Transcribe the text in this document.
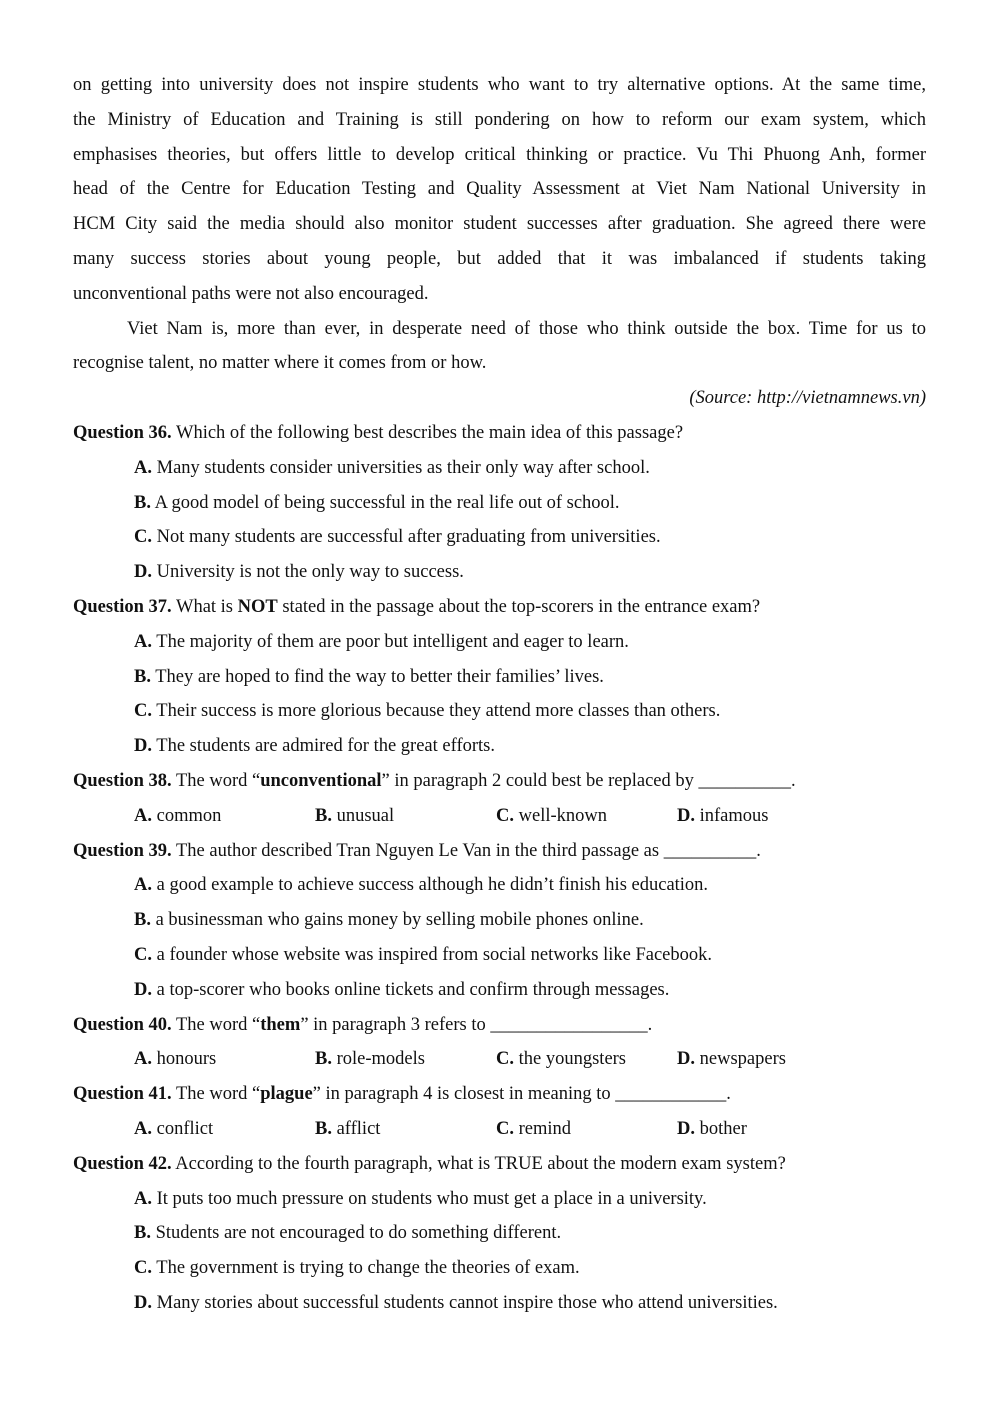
on getting into university does not inspire students who want to try alternative options. At the same time,
the Ministry of Education and Training is still pondering on how to reform our exam system, which
emphasises theories, but offers little to develop critical thinking or practice. Vu Thi Phuong Anh, former
head of the Centre for Education Testing and Quality Assessment at Viet Nam National University in
HCM City said the media should also monitor student successes after graduation. She agreed there were
many success stories about young people, but added that it was imbalanced if students taking
unconventional paths were not also encouraged.
Viet Nam is, more than ever, in desperate need of those who think outside the box. Time for us to
recognise talent, no matter where it comes from or how.
(Source: http://vietnamnews.vn)
Question 36. Which of the following best describes the main idea of this passage?
A. Many students consider universities as their only way after school.
B. A good model of being successful in the real life out of school.
C. Not many students are successful after graduating from universities.
D. University is not the only way to success.
Question 37. What is NOT stated in the passage about the top-scorers in the entrance exam?
A. The majority of them are poor but intelligent and eager to learn.
B. They are hoped to find the way to better their families’ lives.
C. Their success is more glorious because they attend more classes than others.
D. The students are admired for the great efforts.
Question 38. The word “unconventional” in paragraph 2 could best be replaced by __________.
A. common	B. unusual	C. well-known	D. infamous
Question 39. The author described Tran Nguyen Le Van in the third passage as __________.
A. a good example to achieve success although he didn’t finish his education.
B. a businessman who gains money by selling mobile phones online.
C. a founder whose website was inspired from social networks like Facebook.
D. a top-scorer who books online tickets and confirm through messages.
Question 40. The word “them” in paragraph 3 refers to _________________.
A. honours	B. role-models	C. the youngsters	D. newspapers
Question 41. The word “plague” in paragraph 4 is closest in meaning to ____________.
A. conflict	B. afflict	C. remind	D. bother
Question 42. According to the fourth paragraph, what is TRUE about the modern exam system?
A. It puts too much pressure on students who must get a place in a university.
B. Students are not encouraged to do something different.
C. The government is trying to change the theories of exam.
D. Many stories about successful students cannot inspire those who attend universities.
